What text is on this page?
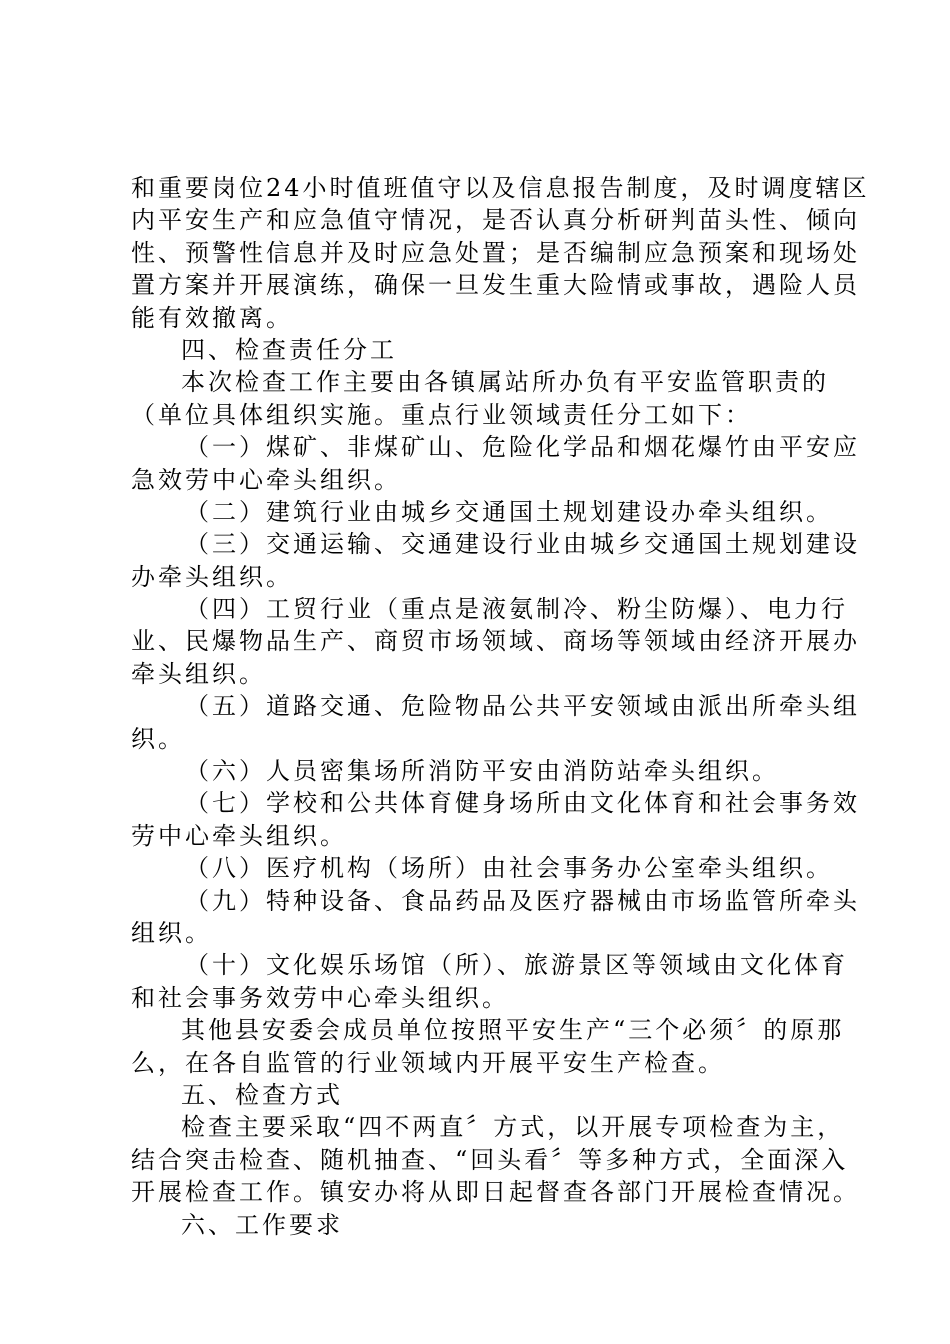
和重要岗位24小时值班值守以及信息报告制度，及时调度辖区
内平安生产和应急值守情况，是否认真分析研判苗头性、倾向
性、预警性信息并及时应急处置；是否编制应急预案和现场处
置方案并开展演练，确保一旦发生重大险情或事故，遇险人员
能有效撤离。
四、检查责任分工
本次检查工作主要由各镇属站所办负有平安监管职责的
（单位具体组织实施。重点行业领域责任分工如下：
（一）煤矿、非煤矿山、危险化学品和烟花爆竹由平安应
急效劳中心牵头组织。
（二）建筑行业由城乡交通国土规划建设办牵头组织。
（三）交通运输、交通建设行业由城乡交通国土规划建设
办牵头组织。
（四）工贸行业（重点是液氨制冷、粉尘防爆）、电力行
业、民爆物品生产、商贸市场领域、商场等领域由经济开展办
牵头组织。
（五）道路交通、危险物品公共平安领域由派出所牵头组
织。
（六）人员密集场所消防平安由消防站牵头组织。
（七）学校和公共体育健身场所由文化体育和社会事务效
劳中心牵头组织。
（八）医疗机构（场所）由社会事务办公室牵头组织。
（九）特种设备、食品药品及医疗器械由市场监管所牵头
组织。
（十）文化娱乐场馆（所）、旅游景区等领域由文化体育
和社会事务效劳中心牵头组织。
其他县安委会成员单位按照平安生产“三个必须〞的原那
么，在各自监管的行业领域内开展平安生产检查。
五、检查方式
检查主要采取“四不两直〞方式，以开展专项检查为主，
结合突击检查、随机抽查、“回头看〞等多种方式，全面深入
开展检查工作。镇安办将从即日起督查各部门开展检查情况。
六、工作要求
